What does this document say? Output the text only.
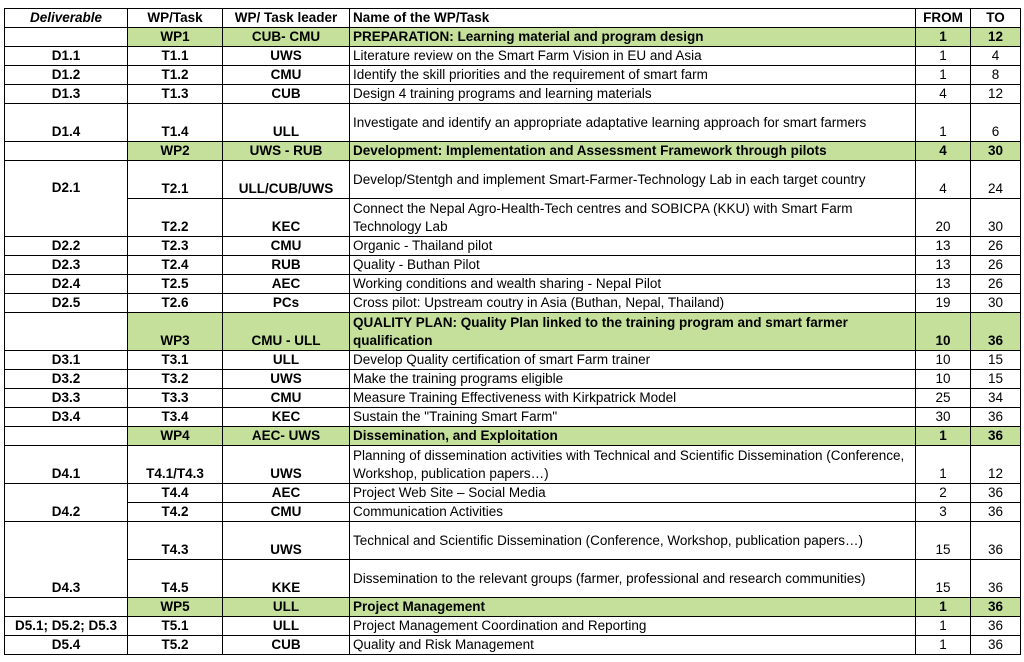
Deliverable	WP/Task	WP/ Task leader	Name of the WP/Task	FROM	TO
	WP1	CUB- CMU	PREPARATION: Learning material and program design	1	12
D1.1	T1.1	UWS	Literature review on the Smart Farm Vision in EU and Asia	1	4
D1.2	T1.2	CMU	Identify the skill priorities and the requirement of smart farm	1	8
D1.3	T1.3	CUB	Design 4 training programs and learning materials	4	12
D1.4	T1.4	ULL	Investigate and identify an appropriate adaptative learning approach for smart farmers	1	6
	WP2	UWS - RUB	Development: Implementation and Assessment Framework through pilots	4	30
D2.1	T2.1	ULL/CUB/UWS	Develop/Stentgh and implement Smart-Farmer-Technology Lab in each target country	4	24
	T2.2	KEC	Connect the Nepal Agro-Health-Tech centres and SOBICPA (KKU) with Smart Farm Technology Lab	20	30
D2.2	T2.3	CMU	Organic - Thailand pilot	13	26
D2.3	T2.4	RUB	Quality - Buthan Pilot	13	26
D2.4	T2.5	AEC	Working conditions and wealth sharing - Nepal Pilot	13	26
D2.5	T2.6	PCs	Cross pilot: Upstream coutry in Asia (Buthan, Nepal, Thailand)	19	30
	WP3	CMU - ULL	QUALITY PLAN: Quality Plan linked to the training program and smart farmer qualification	10	36
D3.1	T3.1	ULL	Develop Quality certification of smart Farm trainer	10	15
D3.2	T3.2	UWS	Make the training programs eligible	10	15
D3.3	T3.3	CMU	Measure Training Effectiveness with Kirkpatrick Model	25	34
D3.4	T3.4	KEC	Sustain the "Training Smart Farm"	30	36
	WP4	AEC- UWS	Dissemination, and Exploitation	1	36
D4.1	T4.1/T4.3	UWS	Planning of dissemination activities with Technical and Scientific Dissemination (Conference, Workshop, publication papers…)	1	12
D4.2	T4.4	AEC	Project Web Site – Social Media	2	36
	T4.2	CMU	Communication Activities	3	36
D4.3	T4.3	UWS	Technical and Scientific Dissemination (Conference, Workshop, publication papers…)	15	36
	T4.5	KKE	Dissemination to the relevant groups (farmer, professional and research communities)	15	36
	WP5	ULL	Project Management	1	36
D5.1; D5.2; D5.3	T5.1	ULL	Project Management Coordination and Reporting	1	36
D5.4	T5.2	CUB	Quality and Risk Management	1	36
